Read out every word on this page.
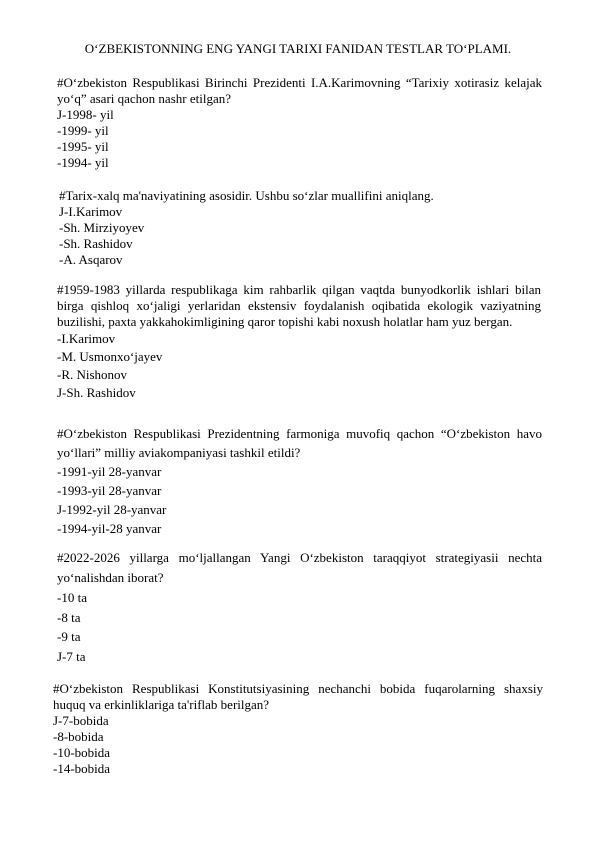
O‘ZBEKISTONNING ENG YANGI TARIXI FANIDAN TESTLAR TO‘PLAMI.

#O‘zbekiston Respublikasi Birinchi Prezidenti I.A.Karimovning “Tarixiy xotirasiz kelajak yo‘q” asari qachon nashr etilgan?

J-1998- yil

-1999- yil

-1995- yil

-1994- yil

#Tarix-xalq ma'naviyatining asosidir. Ushbu so‘zlar muallifini aniqlang.

J-I.Karimov

-Sh. Mirziyoyev

-Sh. Rashidov

-A. Asqarov

#1959-1983 yillarda respublikaga kim rahbarlik qilgan vaqtda bunyodkorlik ishlari bilan birga qishloq xo‘jaligi yerlaridan ekstensiv foydalanish oqibatida ekologik vaziyatning buzilishi, paxta yakkahokimligining qaror topishi kabi noxush holatlar ham yuz bergan.

-I.Karimov

-M. Usmonxo‘jayev

-R. Nishonov

J-Sh. Rashidov

#O‘zbekiston Respublikasi Prezidentning farmoniga muvofiq qachon “O‘zbekiston havo yo‘llari” milliy aviakompaniyasi tashkil etildi?

-1991-yil 28-yanvar

-1993-yil 28-yanvar

J-1992-yil 28-yanvar

-1994-yil-28 yanvar

#2022-2026 yillarga mo‘ljallangan Yangi O‘zbekiston taraqqiyot strategiyasii nechta yo‘nalishdan iborat?

-10 ta

-8 ta

-9 ta

J-7 ta

#O‘zbekiston Respublikasi Konstitutsiyasining nechanchi bobida fuqarolarning shaxsiy huquq va erkinliklariga ta'riflab berilgan?

J-7-bobida

-8-bobida

-10-bobida

-14-bobida
